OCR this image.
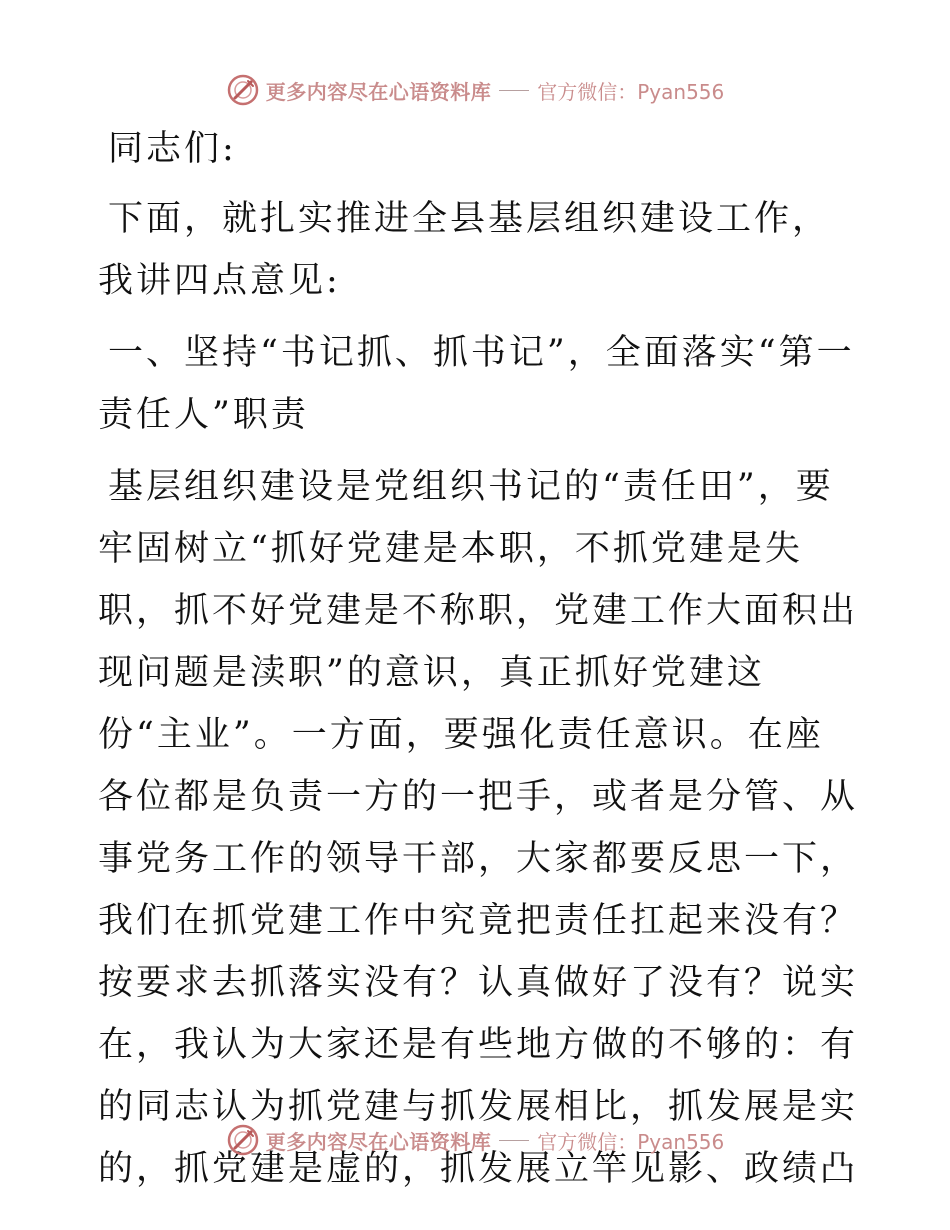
更多内容尽在心语资料库 官方微信：Pyan556

同志们:

下面，就扎实推进全县基层组织建设工作，我讲四点意见:

一、坚持“书记抓、抓书记”，全面落实“第一责任人”职责

基层组织建设是党组织书记的“责任田”，要牢固树立“抓好党建是本职，不抓党建是失职，抓不好党建是不称职，党建工作大面积出现问题是渎职”的意识，真正抓好党建这份“主业”。一方面，要强化责任意识。在座各位都是负责一方的一把手，或者是分管、从事党务工作的领导干部，大家都要反思一下，我们在抓党建工作中究竟把责任扛起来没有？按要求去抓落实没有？认真做好了没有？说实在，我认为大家还是有些地方做的不够的：有的同志认为抓党建与抓发展相比，抓发展是实的，抓党建是虚的，抓发展立竿见影、政绩凸

更多内容尽在心语资料库 官方微信：Pyan556
